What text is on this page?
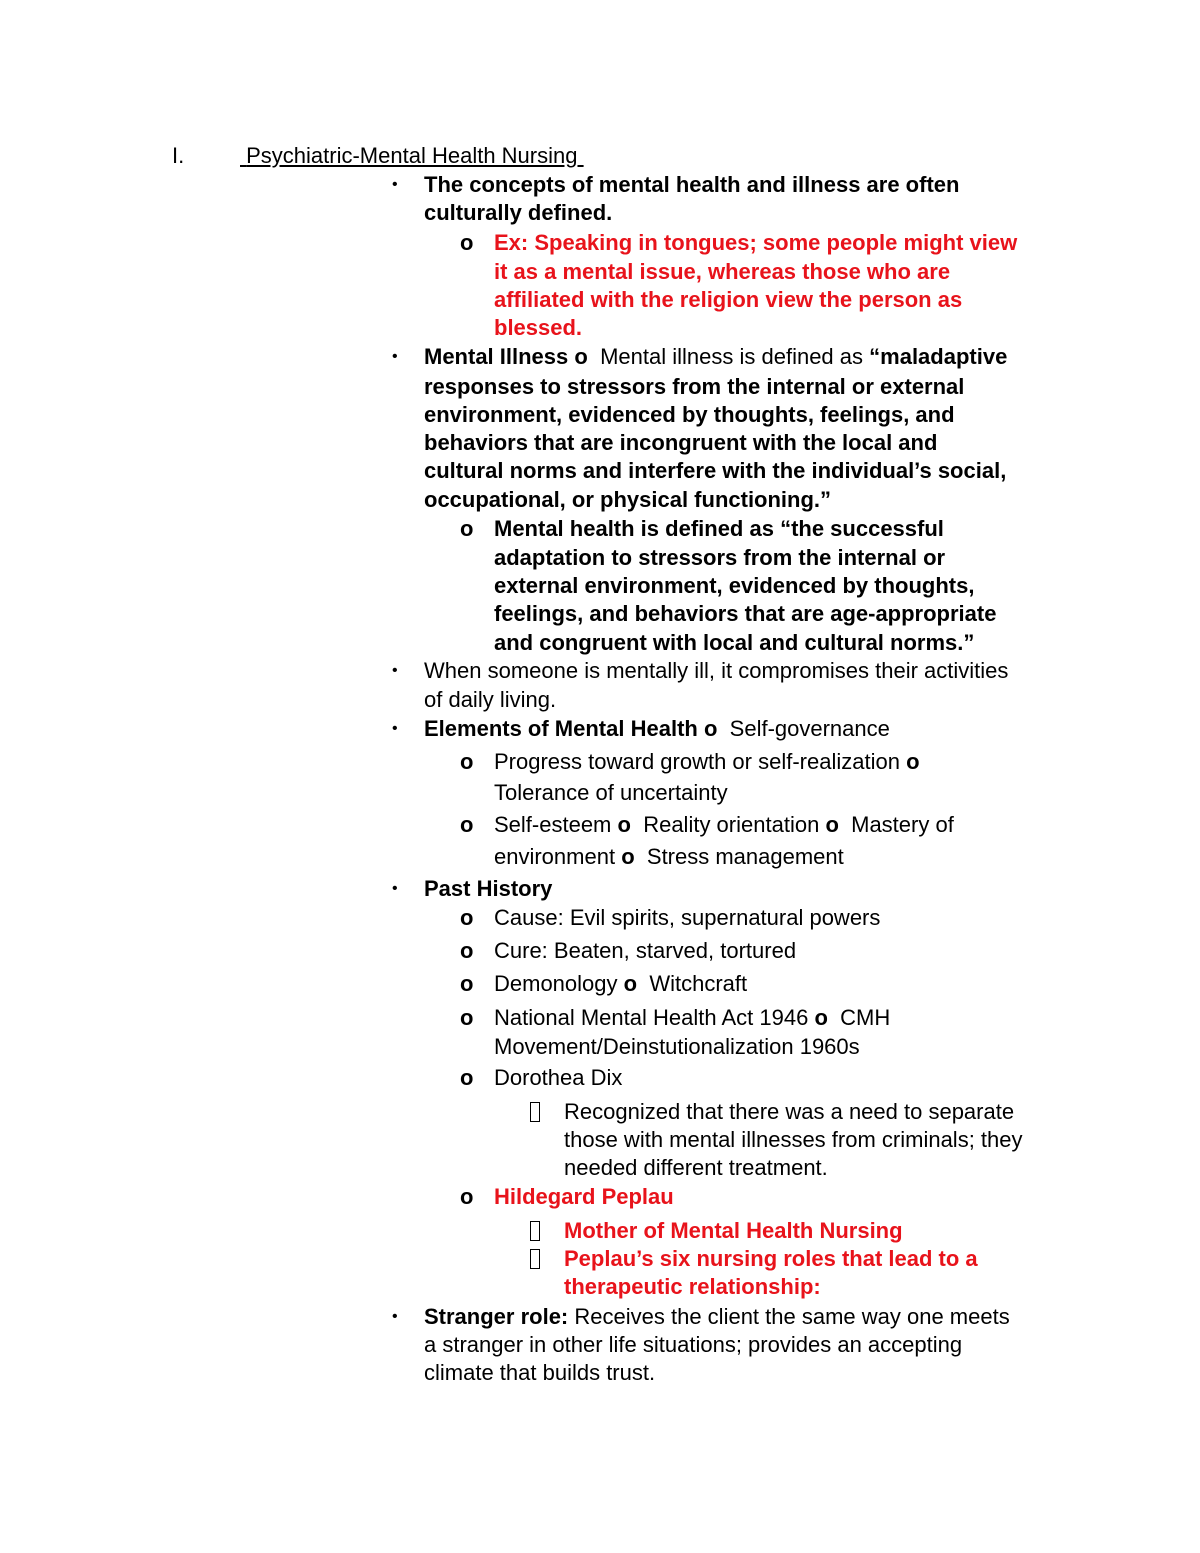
I.	Psychiatric-Mental Health Nursing
• The concepts of mental health and illness are often
culturally defined.
o Ex: Speaking in tongues; some people might view
it as a mental issue, whereas those who are
affiliated with the religion view the person as
blessed.
• Mental Illness o Mental illness is defined as “maladaptive
responses to stressors from the internal or external
environment, evidenced by thoughts, feelings, and
behaviors that are incongruent with the local and
cultural norms and interfere with the individual’s social,
occupational, or physical functioning.”
o Mental health is defined as “the successful
adaptation to stressors from the internal or
external environment, evidenced by thoughts,
feelings, and behaviors that are age-appropriate
and congruent with local and cultural norms.”
• When someone is mentally ill, it compromises their activities
of daily living.
• Elements of Mental Health o Self-governance
o Progress toward growth or self-realization o
Tolerance of uncertainty
o Self-esteem o Reality orientation o Mastery of
environment o Stress management
• Past History
o Cause: Evil spirits, supernatural powers
o Cure: Beaten, starved, tortured
o Demonology o Witchcraft
o National Mental Health Act 1946 o CMH
Movement/Deinstutionalization 1960s
o Dorothea Dix
Recognized that there was a need to separate
those with mental illnesses from criminals; they
needed different treatment.
o Hildegard Peplau
Mother of Mental Health Nursing
Peplau’s six nursing roles that lead to a
therapeutic relationship:
• Stranger role: Receives the client the same way one meets
a stranger in other life situations; provides an accepting
climate that builds trust.
